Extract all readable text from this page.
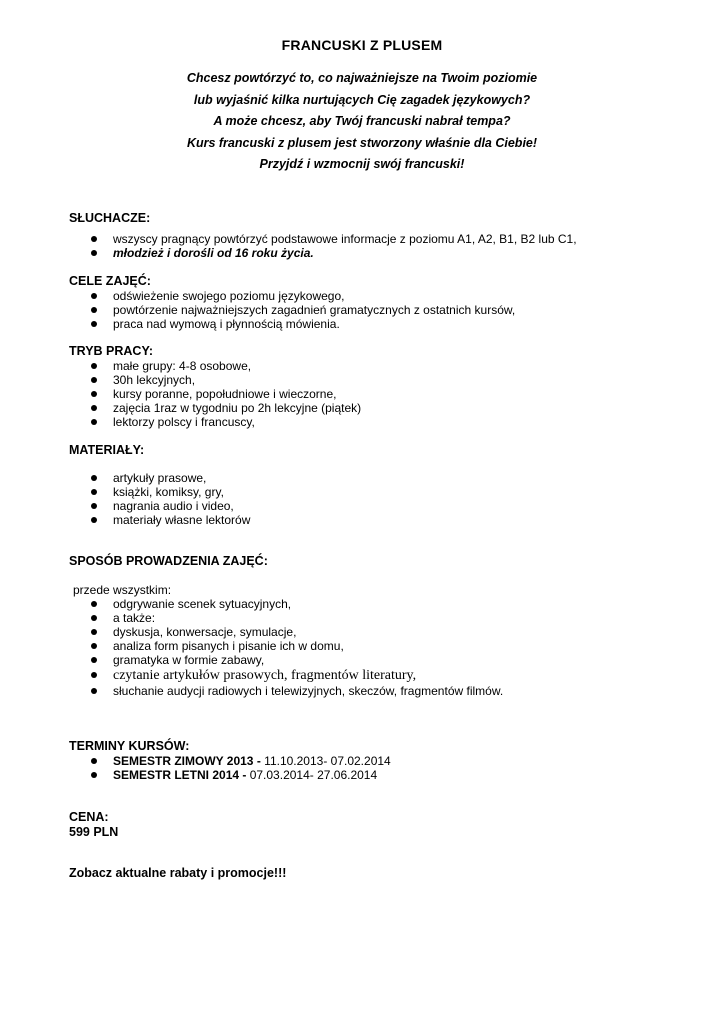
FRANCUSKI Z PLUSEM
Chcesz powtórzyć to, co najważniejsze na Twoim poziomie
lub wyjaśnić kilka nurtujących Cię zagadek językowych?
A może chcesz, aby Twój francuski nabrał tempa?
Kurs francuski z plusem jest stworzony właśnie dla Ciebie!
Przyjdź i wzmocnij swój francuski!
SŁUCHACZE:
wszyscy pragnący powtórzyć podstawowe informacje z poziomu A1, A2, B1, B2 lub C1,
młodzież i dorośli od 16 roku życia.
CELE ZAJĘĆ:
odświeżenie swojego poziomu językowego,
powtórzenie najważniejszych zagadnień gramatycznych z ostatnich kursów,
praca nad wymową i płynnością mówienia.
TRYB PRACY:
małe grupy: 4-8 osobowe,
30h lekcyjnych,
kursy poranne, popołudniowe i wieczorne,
zajęcia 1raz w tygodniu po 2h lekcyjne (piątek)
lektorzy polscy i francuscy,
MATERIAŁY:
artykuły prasowe,
książki, komiksy, gry,
nagrania audio i video,
materiały własne lektorów
SPOSÓB PROWADZENIA ZAJĘĆ:
przede wszystkim:
odgrywanie scenek sytuacyjnych,
a także:
dyskusja, konwersacje, symulacje,
analiza form pisanych i pisanie ich w domu,
gramatyka w formie zabawy,
czytanie artykułów prasowych, fragmentów literatury,
słuchanie audycji radiowych i telewizyjnych, skeczów, fragmentów filmów.
TERMINY KURSÓW:
SEMESTR ZIMOWY 2013 - 11.10.2013- 07.02.2014
SEMESTR LETNI 2014 - 07.03.2014- 27.06.2014
CENA:
599 PLN
Zobacz aktualne rabaty i promocje!!!
